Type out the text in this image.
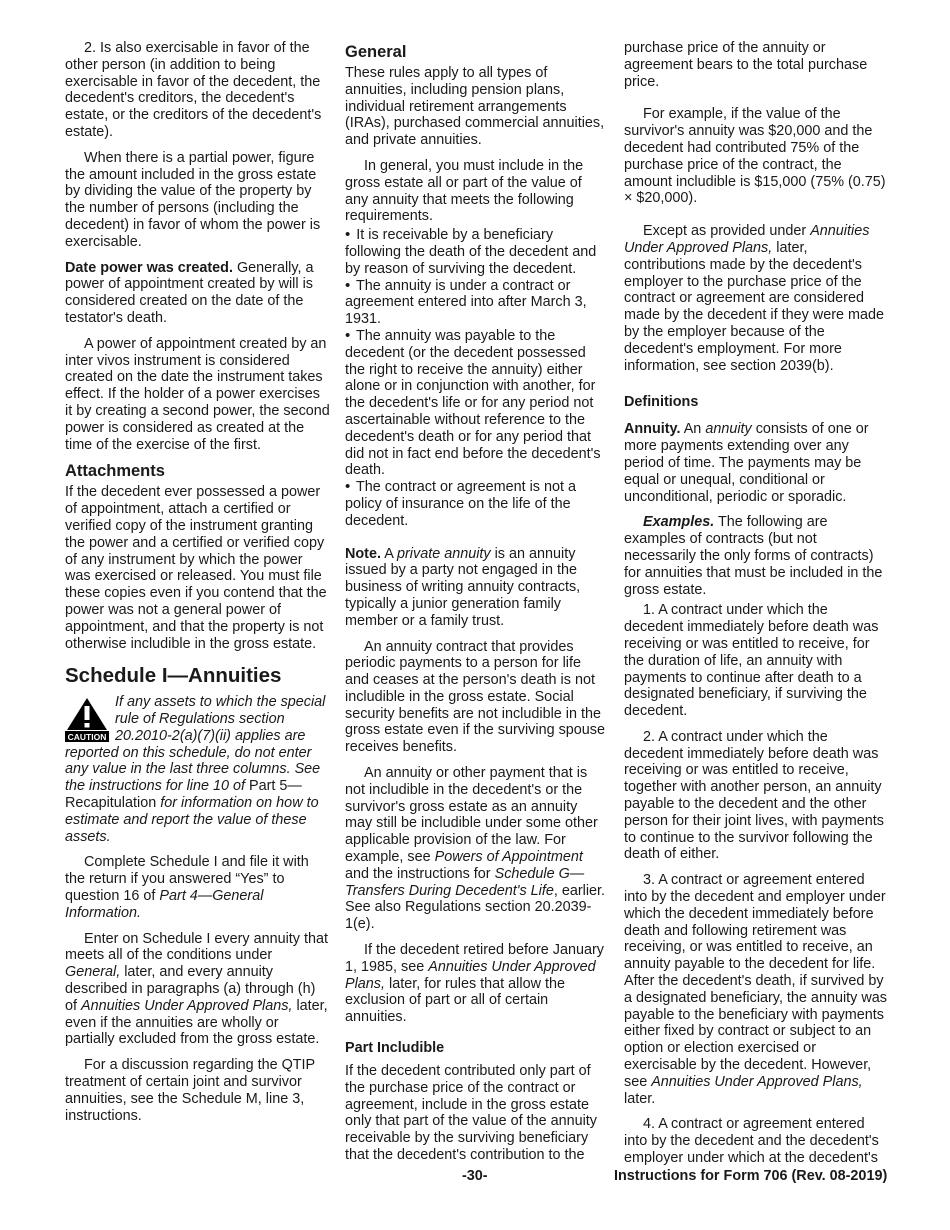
2. Is also exercisable in favor of the other person (in addition to being exercisable in favor of the decedent, the decedent's creditors, the decedent's estate, or the creditors of the decedent's estate).

When there is a partial power, figure the amount included in the gross estate by dividing the value of the property by the number of persons (including the decedent) in favor of whom the power is exercisable.

Date power was created. Generally, a power of appointment created by will is considered created on the date of the testator's death.

A power of appointment created by an inter vivos instrument is considered created on the date the instrument takes effect. If the holder of a power exercises it by creating a second power, the second power is considered as created at the time of the exercise of the first.

Attachments

If the decedent ever possessed a power of appointment, attach a certified or verified copy of the instrument granting the power and a certified or verified copy of any instrument by which the power was exercised or released. You must file these copies even if you contend that the power was not a general power of appointment, and that the property is not otherwise includible in the gross estate.

Schedule I—Annuities
CAUTION
If any assets to which the special rule of Regulations section 20.2010-2(a)(7)(ii) applies are reported on this schedule, do not enter any value in the last three columns. See the instructions for line 10 of Part 5—Recapitulation for information on how to estimate and report the value of these assets.

Complete Schedule I and file it with the return if you answered “Yes” to question 16 of Part 4—General Information.

Enter on Schedule I every annuity that meets all of the conditions under General, later, and every annuity described in paragraphs (a) through (h) of Annuities Under Approved Plans, later, even if the annuities are wholly or partially excluded from the gross estate.

For a discussion regarding the QTIP treatment of certain joint and survivor annuities, see the Schedule M, line 3, instructions.

General

These rules apply to all types of annuities, including pension plans, individual retirement arrangements (IRAs), purchased commercial annuities, and private annuities.

In general, you must include in the gross estate all or part of the value of any annuity that meets the following requirements.

• It is receivable by a beneficiary following the death of the decedent and by reason of surviving the decedent.

• The annuity is under a contract or agreement entered into after March 3, 1931.

• The annuity was payable to the decedent (or the decedent possessed the right to receive the annuity) either alone or in conjunction with another, for the decedent's life or for any period not ascertainable without reference to the decedent's death or for any period that did not in fact end before the decedent's death.

• The contract or agreement is not a policy of insurance on the life of the decedent.

Note. A private annuity is an annuity issued by a party not engaged in the business of writing annuity contracts, typically a junior generation family member or a family trust.

An annuity contract that provides periodic payments to a person for life and ceases at the person's death is not includible in the gross estate. Social security benefits are not includible in the gross estate even if the surviving spouse receives benefits.

An annuity or other payment that is not includible in the decedent's or the survivor's gross estate as an annuity may still be includible under some other applicable provision of the law. For example, see Powers of Appointment and the instructions for Schedule G—Transfers During Decedent's Life, earlier. See also Regulations section 20.2039-1(e).

If the decedent retired before January 1, 1985, see Annuities Under Approved Plans, later, for rules that allow the exclusion of part or all of certain annuities.

Part Includible

If the decedent contributed only part of the purchase price of the contract or agreement, include in the gross estate only that part of the value of the annuity receivable by the surviving beneficiary that the decedent's contribution to the

purchase price of the annuity or agreement bears to the total purchase price.

For example, if the value of the survivor's annuity was $20,000 and the decedent had contributed 75% of the purchase price of the contract, the amount includible is $15,000 (75% (0.75) × $20,000).

Except as provided under Annuities Under Approved Plans, later, contributions made by the decedent's employer to the purchase price of the contract or agreement are considered made by the decedent if they were made by the employer because of the decedent's employment. For more information, see section 2039(b).

Definitions

Annuity. An annuity consists of one or more payments extending over any period of time. The payments may be equal or unequal, conditional or unconditional, periodic or sporadic.

Examples. The following are examples of contracts (but not necessarily the only forms of contracts) for annuities that must be included in the gross estate.

1. A contract under which the decedent immediately before death was receiving or was entitled to receive, for the duration of life, an annuity with payments to continue after death to a designated beneficiary, if surviving the decedent.

2. A contract under which the decedent immediately before death was receiving or was entitled to receive, together with another person, an annuity payable to the decedent and the other person for their joint lives, with payments to continue to the survivor following the death of either.

3. A contract or agreement entered into by the decedent and employer under which the decedent immediately before death and following retirement was receiving, or was entitled to receive, an annuity payable to the decedent for life. After the decedent's death, if survived by a designated beneficiary, the annuity was payable to the beneficiary with payments either fixed by contract or subject to an option or election exercised or exercisable by the decedent. However, see Annuities Under Approved Plans, later.

4. A contract or agreement entered into by the decedent and the decedent's employer under which at the decedent's

-30-	Instructions for Form 706 (Rev. 08-2019)
